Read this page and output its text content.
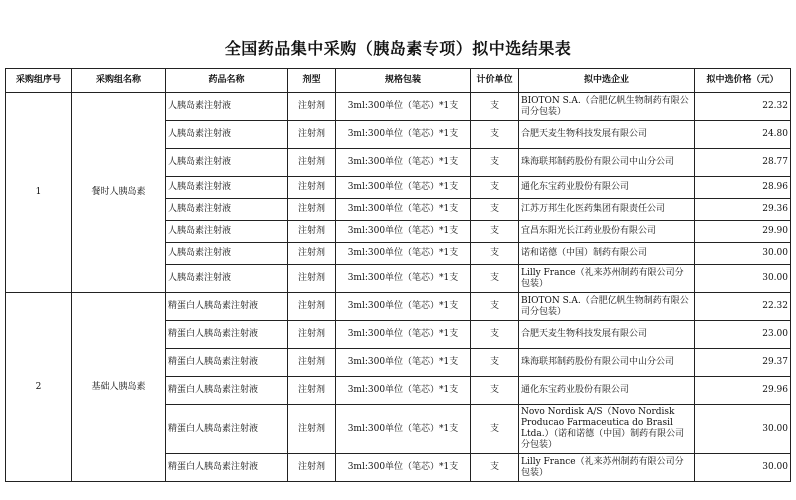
全国药品集中采购（胰岛素专项）拟中选结果表
采购组序号	采购组名称	药品名称	剂型	规格包装	计价单位	拟中选企业	拟中选价格（元）
1	餐时人胰岛素	人胰岛素注射液	注射剂	3ml:300单位（笔芯）*1支	支	BIOTON S.A.（合肥亿帆生物制药有限公司分包装）	22.32
		人胰岛素注射液	注射剂	3ml:300单位（笔芯）*1支	支	合肥天麦生物科技发展有限公司	24.80
		人胰岛素注射液	注射剂	3ml:300单位（笔芯）*1支	支	珠海联邦制药股份有限公司中山分公司	28.77
		人胰岛素注射液	注射剂	3ml:300单位（笔芯）*1支	支	通化东宝药业股份有限公司	28.96
		人胰岛素注射液	注射剂	3ml:300单位（笔芯）*1支	支	江苏万邦生化医药集团有限责任公司	29.36
		人胰岛素注射液	注射剂	3ml:300单位（笔芯）*1支	支	宜昌东阳光长江药业股份有限公司	29.90
		人胰岛素注射液	注射剂	3ml:300单位（笔芯）*1支	支	诺和诺德（中国）制药有限公司	30.00
		人胰岛素注射液	注射剂	3ml:300单位（笔芯）*1支	支	Lilly France（礼来苏州制药有限公司分包装）	30.00
2	基础人胰岛素	精蛋白人胰岛素注射液	注射剂	3ml:300单位（笔芯）*1支	支	BIOTON S.A.（合肥亿帆生物制药有限公司分包装）	22.32
		精蛋白人胰岛素注射液	注射剂	3ml:300单位（笔芯）*1支	支	合肥天麦生物科技发展有限公司	23.00
		精蛋白人胰岛素注射液	注射剂	3ml:300单位（笔芯）*1支	支	珠海联邦制药股份有限公司中山分公司	29.37
		精蛋白人胰岛素注射液	注射剂	3ml:300单位（笔芯）*1支	支	通化东宝药业股份有限公司	29.96
		精蛋白人胰岛素注射液	注射剂	3ml:300单位（笔芯）*1支	支	Novo Nordisk A/S（Novo Nordisk Producao Farmaceutica do Brasil Ltda.）（诺和诺德（中国）制药有限公司分包装）	30.00
		精蛋白人胰岛素注射液	注射剂	3ml:300单位（笔芯）*1支	支	Lilly France（礼来苏州制药有限公司分包装）	30.00
